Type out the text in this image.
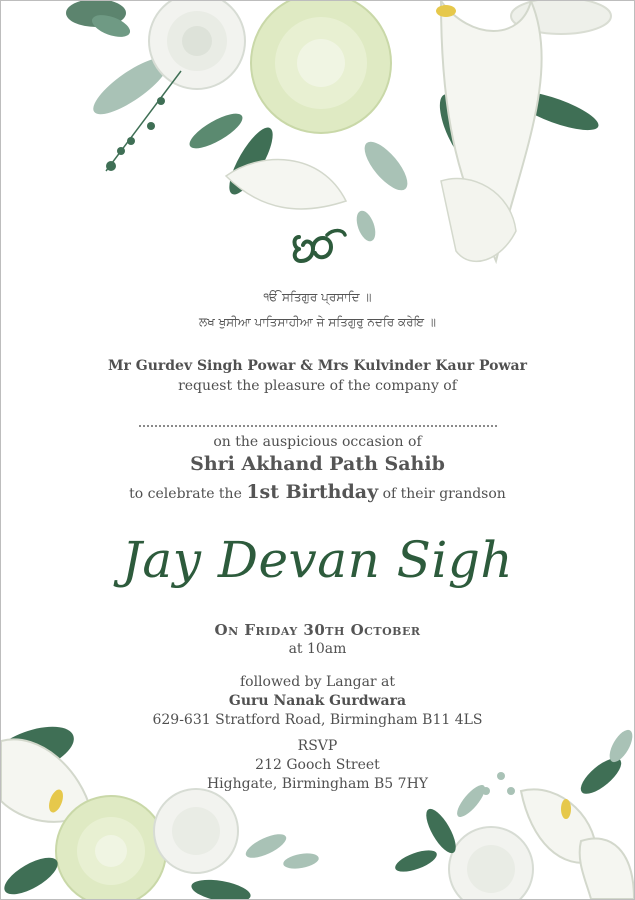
ੴ ਸਤਿਗੁਰ ਪ੍ਰਸਾਦਿ ॥
ਲਖ ਖੁਸੀਆ ਪਾਤਿਸਾਹੀਆ ਜੇ ਸਤਿਗੁਰੁ ਨਦਰਿ ਕਰੇਇ ॥
Mr Gurdev Singh Powar & Mrs Kulvinder Kaur Powar
request the pleasure of the company of
on the auspicious occasion of
Shri Akhand Path Sahib
to celebrate the 1st Birthday of their grandson
Jay Devan Sigh
On Friday 30th October
at 10am
followed by Langar at
Guru Nanak Gurdwara
629-631 Stratford Road, Birmingham B11 4LS
RSVP
212 Gooch Street
Highgate, Birmingham B5 7HY
